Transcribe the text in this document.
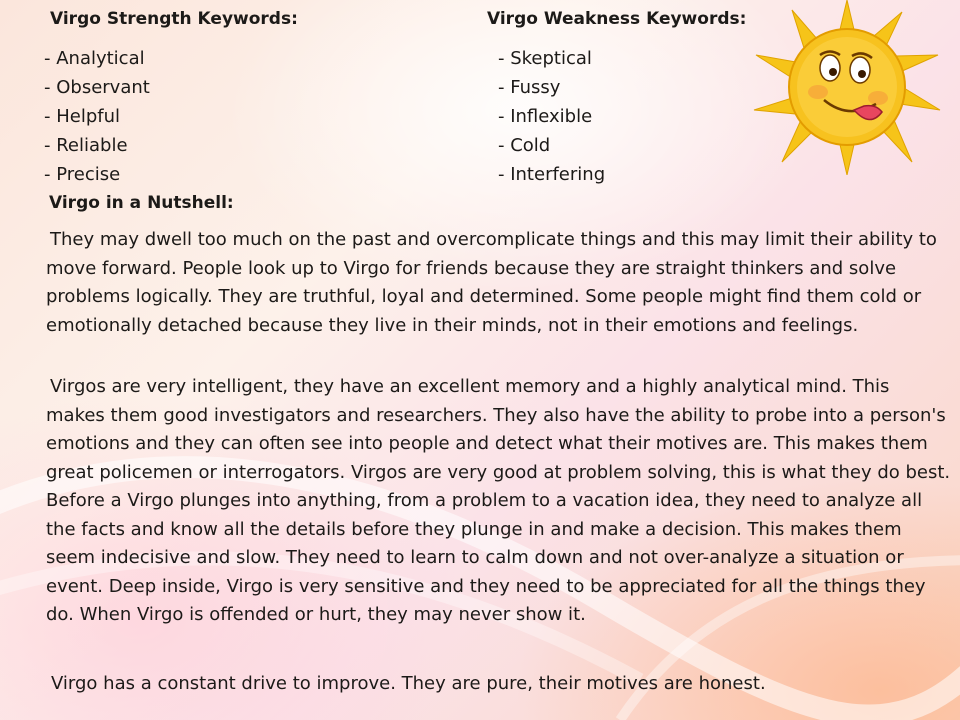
Virgo Strength Keywords:	Virgo Weakness Keywords:
- Analytical
- Observant
- Helpful
- Reliable
- Precise
- Skeptical
- Fussy
- Inflexible
- Cold
- Interfering
Virgo in a Nutshell:

They may dwell too much on the past and overcomplicate things and this may limit their ability to move forward. People look up to Virgo for friends because they are straight thinkers and solve problems logically. They are truthful, loyal and determined. Some people might find them cold or emotionally detached because they live in their minds, not in their emotions and feelings.

Virgos are very intelligent, they have an excellent memory and a highly analytical mind. This makes them good investigators and researchers. They also have the ability to probe into a person's emotions and they can often see into people and detect what their motives are. This makes them great policemen or interrogators. Virgos are very good at problem solving, this is what they do best. Before a Virgo plunges into anything, from a problem to a vacation idea, they need to analyze all the facts and know all the details before they plunge in and make a decision. This makes them seem indecisive and slow. They need to learn to calm down and not over-analyze a situation or event. Deep inside, Virgo is very sensitive and they need to be appreciated for all the things they do. When Virgo is offended or hurt, they may never show it.

Virgo has a constant drive to improve. They are pure, their motives are honest.
